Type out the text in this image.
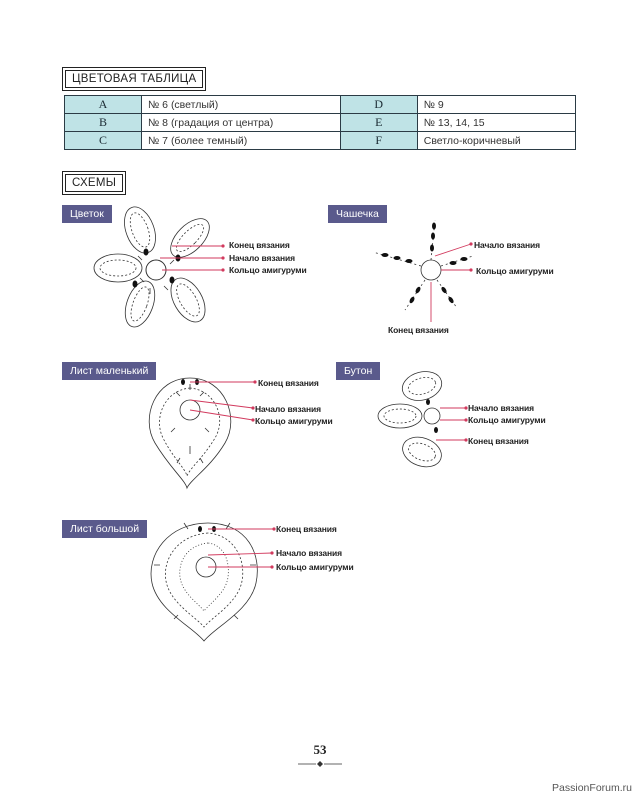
ЦВЕТОВАЯ ТАБЛИЦА
A	№ 6 (светлый)	D	№ 9
B	№ 8 (градация от центра)	E	№ 13, 14, 15
C	№ 7 (более темный)	F	Светло-коричневый
СХЕМЫ
Цветок
Конец вязания
Начало вязания
Кольцо амигуруми
Чашечка
Начало вязания
Кольцо амигуруми
Конец вязания
Лист маленький
Конец вязания
Начало вязания
Кольцо амигуруми
Бутон
Начало вязания
Кольцо амигуруми
Конец вязания
Лист большой	Конец вязания
Начало вязания
Кольцо амигуруми
53
PassionForum.ru
